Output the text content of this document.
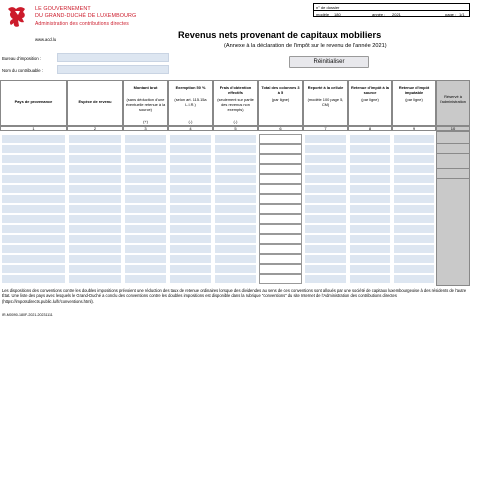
LE GOUVERNEMENT
DU GRAND-DUCHÉ DE LUXEMBOURG
Administration des contributions directes
www.acd.lu
n° de dossier
modèle 180	année : 2021	page : 1/1
Revenus nets provenant de capitaux mobiliers
(Annexe à la déclaration de l'impôt sur le revenu de l'année 2021)
Réinitialiser
Bureau d'imposition :
Nom du contribuable :
Pays de provenance
1
Espèce de revenu
2
Montant brut
(sans déduction d'une éventuelle retenue à la source)
(+)
3
Exemption 50 %
(selon art. 115.15a L.I.R.)
(-)
4
Frais d'obtention effectifs
(seulement sur partie des revenus non exempts)
(-)
5
Total des colonnes 3 à 5
(par ligne)
6
Reporté à la cellule
(modèle 100 page 5, CM)
7
Retenue d'impôt à la source
(par ligne)
8
Retenue d'impôt imputable
(par ligne)
9
Réservé à l'administration
10
Les dispositions des conventions contre les doubles impositions prévoient une réduction des taux de retenue ordinaires lorsque des dividendes au sens de ces conventions sont alloués par une société de capitaux luxembourgeoise à des résidents de l'autre État. Une liste des pays avec lesquels le Grand-Duché a conclu des conventions contre les doubles impositions est disponible dans la rubrique "conventions" du site Internet de l'Administration des contributions directes (https://impotsdirects.public.lu/fr/conventions.html).
IR-M0090-180F-2021-20231111
